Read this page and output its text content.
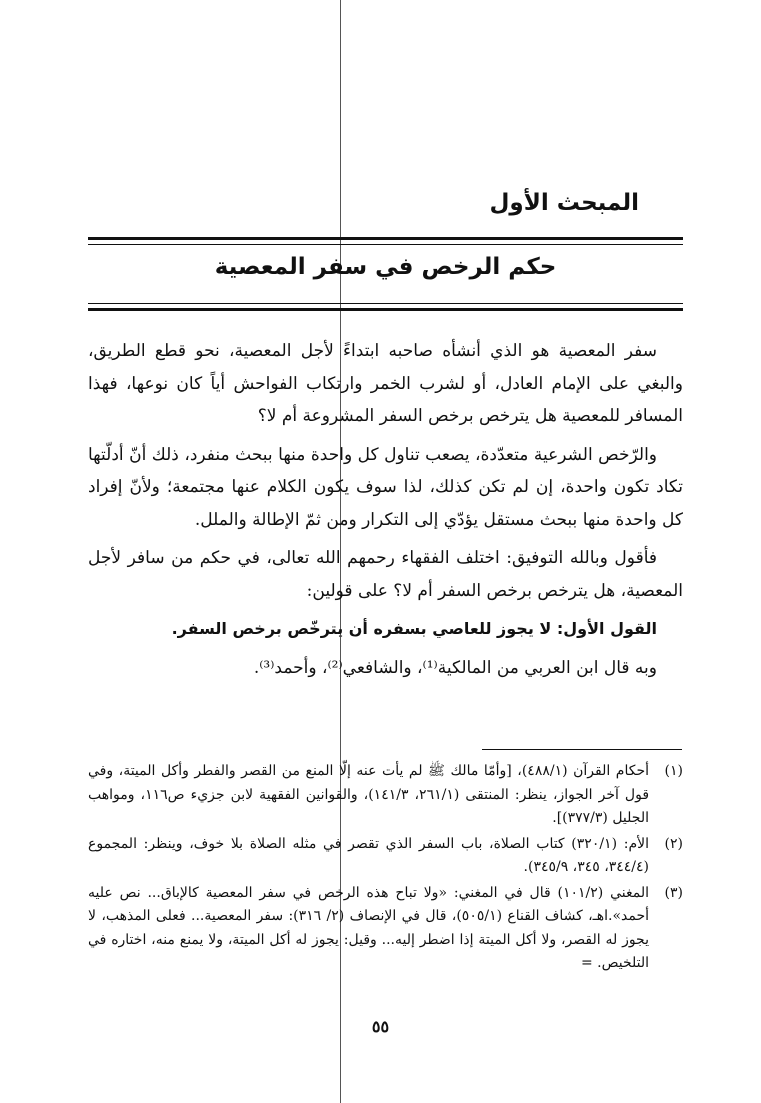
المبحث الأول
حكم الرخص في سفر المعصية

سفر المعصية هو الذي أنشأه صاحبه ابتداءً لأجل المعصية، نحو قطع الطريق، والبغي على الإمام العادل، أو لشرب الخمر وارتكاب الفواحش أياً كان نوعها، فهذا المسافر للمعصية هل يترخص برخص السفر المشروعة أم لا؟

والرّخص الشرعية متعدّدة، يصعب تناول كل واحدة منها ببحث منفرد، ذلك أنّ أدلّتها تكاد تكون واحدة، إن لم تكن كذلك، لذا سوف يكون الكلام عنها مجتمعة؛ ولأنّ إفراد كل واحدة منها ببحث مستقل يؤدّي إلى التكرار ومن ثمّ الإطالة والملل.

فأقول وبالله التوفيق: اختلف الفقهاء رحمهم الله تعالى، في حكم من سافر لأجل المعصية، هل يترخص برخص السفر أم لا؟ على قولين:

القول الأول: لا يجوز للعاصي بسفره أن يترخّص برخص السفر.

وبه قال ابن العربي من المالكية⁽¹⁾، والشافعي⁽²⁾، وأحمد⁽³⁾.

(١)
أحكام القرآن (٤٨٨/١)، [وأمّا مالك ﷺ لم يأت عنه إلّا المنع من القصر والفطر وأكل الميتة، وفي قول آخر الجواز، ينظر: المنتقى (٢٦١/١، ١٤١/٣)، والقوانين الفقهية لابن جزيء ص١١٦، ومواهب الجليل (٣٧٧/٣)].
(٢)
الأم: (٣٢٠/١) كتاب الصلاة، باب السفر الذي تقصر في مثله الصلاة بلا خوف، وينظر: المجموع (٣٤٤/٤، ٣٤٥، ٣٤٥/٩).
(٣)
المغني (١٠١/٢) قال في المغني: «ولا تباح هذه الرخص في سفر المعصية كالإباق... نص عليه أحمد».اهـ، كشاف القناع (٥٠٥/١)، قال في الإنصاف (٢/ ٣١٦): سفر المعصية... فعلى المذهب، لا يجوز له القصر، ولا أكل الميتة إذا اضطر إليه... وقيل: يجوز له أكل الميتة، ولا يمنع منه، اختاره في التلخيص. =
٥٥
